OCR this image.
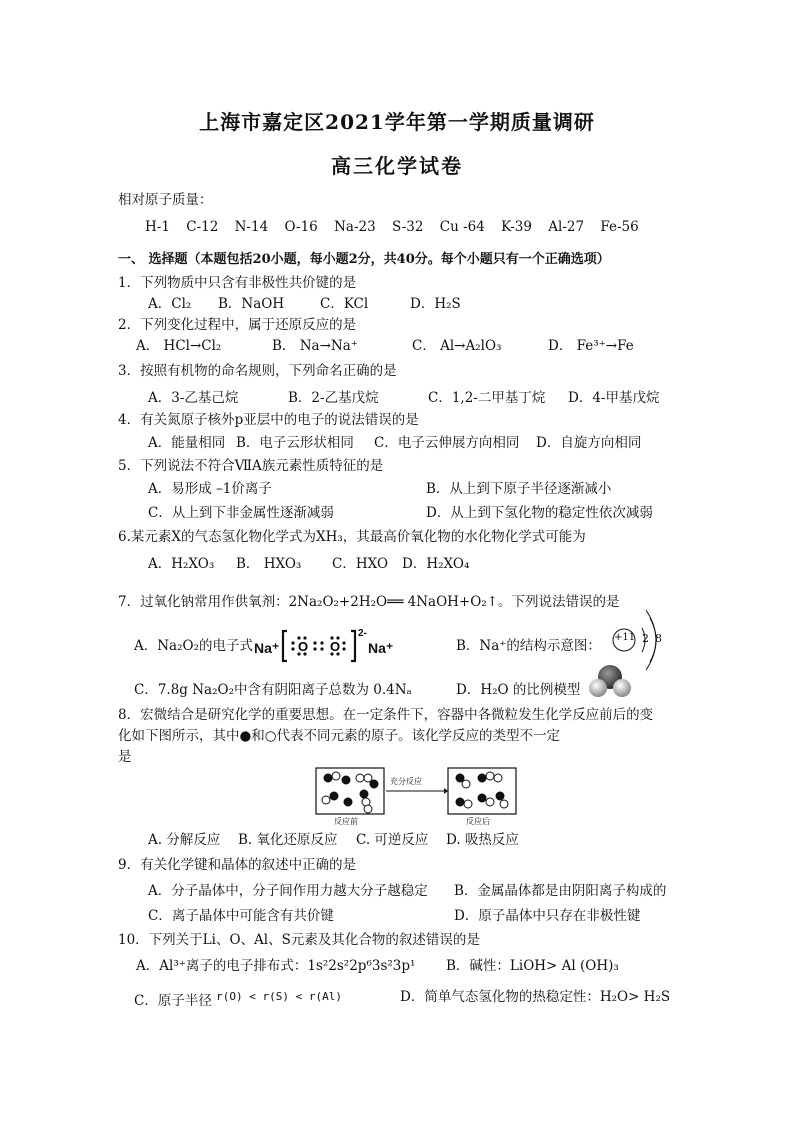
上海市嘉定区2021学年第一学期质量调研
高三化学试卷
相对原子质量：
H-1 C-12 N-14 O-16 Na-23 S-32 Cu -64 K-39 Al-27 Fe-56
一、 选择题（本题包括20小题，每小题2分，共40分。每个小题只有一个正确选项）
1．下列物质中只含有非极性共价键的是
A．Cl₂ B．NaOH	C．KCl	D．H₂S
2．下列变化过程中，属于还原反应的是
A． HCl→Cl₂	B． Na→Na⁺	C． Al→A₂lO₃	D． Fe³⁺→Fe
3．按照有机物的命名规则，下列命名正确的是
A．3-乙基己烷	B．2-乙基戊烷	C．1,2-二甲基丁烷 D．4-甲基戊烷
4．有关氮原子核外p亚层中的电子的说法错误的是
A．能量相同 B．电子云形状相同 C．电子云伸展方向相同 D．自旋方向相同
5．下列说法不符合ⅦA族元素性质特征的是
A．易形成 –1价离子	B．从上到下原子半径逐渐减小
C．从上到下非金属性逐渐减弱	D．从上到下氢化物的稳定性依次减弱
6.某元素X的气态氢化物化学式为XH₃，其最高价氧化物的水化物化学式可能为
A．H₂XO₃ B． HXO₃ C．HXO D．H₂XO₄
7．过氧化钠常用作供氧剂：2Na₂O₂+2H₂O══ 4NaOH+O₂↑。下列说法错误的是
A．Na₂O₂的电子式 Na⁺ O O
2-
Na⁺	B．Na⁺的结构示意图：
+11 2 8
C．7.8g Na₂O₂中含有阴阳离子总数为 0.4Nₐ	D．H₂O 的比例模型
8．宏微结合是研究化学的重要思想。在一定条件下，容器中各微粒发生化学反应前后的变
化如下图所示，其中●和○代表不同元素的原子。该化学反应的类型不一定
是
充分反应
反应前	反应后
A. 分解反应 B. 氧化还原反应 C. 可逆反应 D. 吸热反应
9．有关化学键和晶体的叙述中正确的是
A．分子晶体中，分子间作用力越大分子越稳定 B．金属晶体都是由阴阳离子构成的
C．离子晶体中可能含有共价键	D．原子晶体中只存在非极性键
10．下列关于Li、O、Al、S元素及其化合物的叙述错误的是
A．Al³⁺离子的电子排布式：1s²2s²2p⁶3s²3p¹ B．碱性：LiOH> Al (OH)₃
C．原子半径 $^{r(O) < r(S) < r(Al)}$	D．简单气态氢化物的热稳定性：H₂O> H₂S
